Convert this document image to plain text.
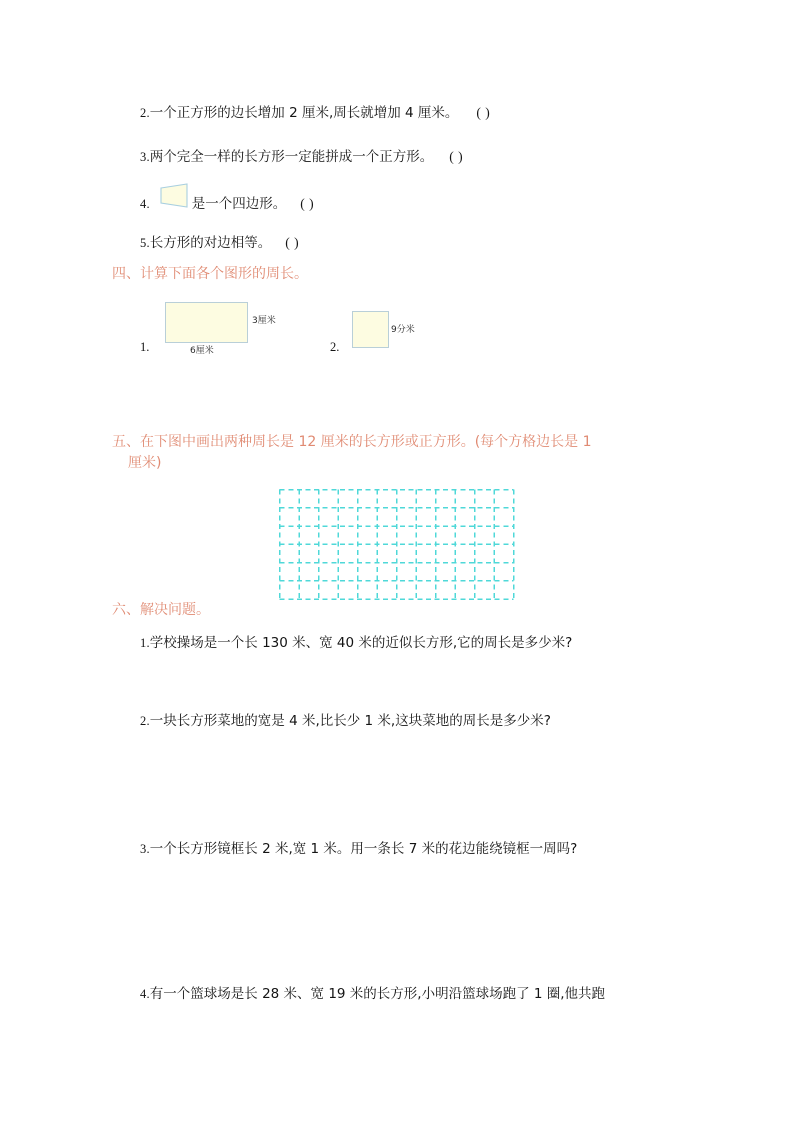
2.一个正方形的边长增加 2 厘米,周长就增加 4 厘米。 ( )
3.两个完全一样的长方形一定能拼成一个正方形。 ( )
4.	是一个四边形。 ( )
5.长方形的对边相等。 ( )
四、计算下面各个图形的周长。
1.
3厘米
6厘米	2.
9分米
五、在下图中画出两种周长是 12 厘米的长方形或正方形。(每个方格边长是 1
厘米)
六、解决问题。
1.学校操场是一个长 130 米、宽 40 米的近似长方形,它的周长是多少米?
2.一块长方形菜地的宽是 4 米,比长少 1 米,这块菜地的周长是多少米?
3.一个长方形镜框长 2 米,宽 1 米。用一条长 7 米的花边能绕镜框一周吗?
4.有一个篮球场是长 28 米、宽 19 米的长方形,小明沿篮球场跑了 1 圈,他共跑
